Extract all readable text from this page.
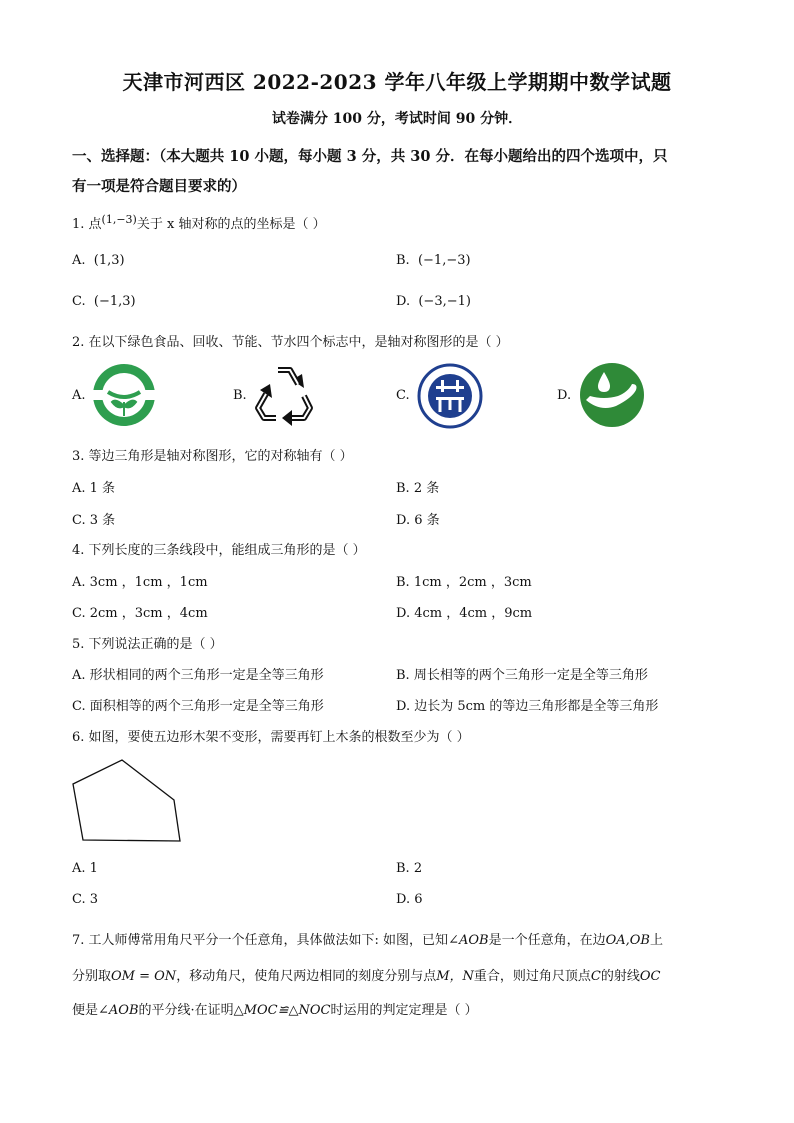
天津市河西区 2022-2023 学年八年级上学期期中数学试题
试卷满分 100 分，考试时间 90 分钟．
一、选择题：（本大题共 10 小题，每小题 3 分，共 30 分．在每小题给出的四个选项中，只
有一项是符合题目要求的）
1. 点$^{(1,-3)}$关于 x 轴对称的点的坐标是（ ）
A. (1,3)	B. (−1,−3)
C. (−1,3)	D. (−3,−1)
2. 在以下绿色食品、回收、节能、节水四个标志中，是轴对称图形的是（ ）
A.	B.	C.	D.
3. 等边三角形是轴对称图形，它的对称轴有（ ）
A. 1 条	B. 2 条
C. 3 条	D. 6 条
4. 下列长度的三条线段中，能组成三角形的是（ ）
A. 3cm ，1cm ，1cm	B. 1cm ，2cm ，3cm
C. 2cm ，3cm ，4cm	D. 4cm ，4cm ，9cm
5. 下列说法正确的是（ ）
A. 形状相同的两个三角形一定是全等三角形	B. 周长相等的两个三角形一定是全等三角形
C. 面积相等的两个三角形一定是全等三角形	D. 边长为 5cm 的等边三角形都是全等三角形
6. 如图，要使五边形木架不变形，需要再钉上木条的根数至少为（ ）
A. 1	B. 2
C. 3	D. 6
7. 工人师傅常用角尺平分一个任意角，具体做法如下: 如图，已知∠AOB是一个任意角，在边OA,OB上
分别取OM = ON，移动角尺，使角尺两边相同的刻度分别与点M，N重合，则过角尺顶点C的射线OC
便是∠AOB的平分线·在证明△MOC≌△NOC时运用的判定定理是（ ）
